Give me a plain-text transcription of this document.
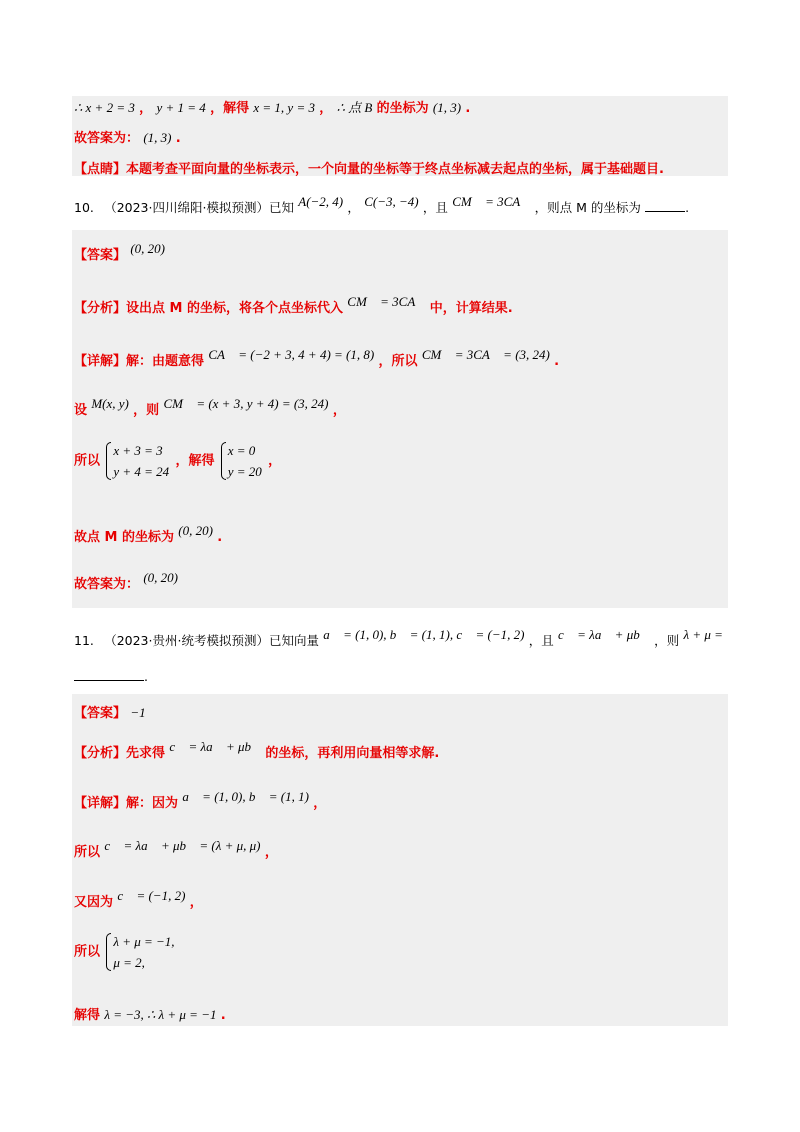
∴ x + 2 = 3 ， y + 1 = 4 ，解得 x = 1, y = 3 ， ∴ 点 B 的坐标为 (1, 3) .
故答案为： (1, 3) .
【点睛】本题考查平面向量的坐标表示，一个向量的坐标等于终点坐标减去起点的坐标，属于基础题目.
10. （2023·四川绵阳·模拟预测）已知 A(−2, 4) ， C(−3, −4) ，且 CM⃗ = 3CA⃗ ，则点 M 的坐标为	.
【答案】 (0, 20)
【分析】设出点 M 的坐标，将各个点坐标代入 CM⃗ = 3CA⃗ 中，计算结果.
【详解】解：由题意得 CA⃗ = (−2 + 3, 4 + 4) = (1, 8) ，所以 CM⃗ = 3CA⃗ = (3, 24) .
设 M(x, y) ，则 CM⃗ = (x + 3, y + 4) = (3, 24) ，
所以 x + 3 = 3
y + 4 = 24 ，解得 x = 0
y = 20 ，
故点 M 的坐标为 (0, 20) .
故答案为： (0, 20)
11. （2023·贵州·统考模拟预测）已知向量 a⃗ = (1, 0), b⃗ = (1, 1), c⃗ = (−1, 2) ，且 c⃗ = λa⃗ + μb⃗ ，则 λ + μ =
.
【答案】 −1
【分析】先求得 c⃗ = λa⃗ + μb⃗ 的坐标，再利用向量相等求解.
【详解】解：因为 a⃗ = (1, 0), b⃗ = (1, 1) ，
所以 c⃗ = λa⃗ + μb⃗ = (λ + μ, μ) ，
又因为 c⃗ = (−1, 2) ，
所以 λ + μ = −1,
μ = 2,
解得 λ = −3, ∴ λ + μ = −1 .
